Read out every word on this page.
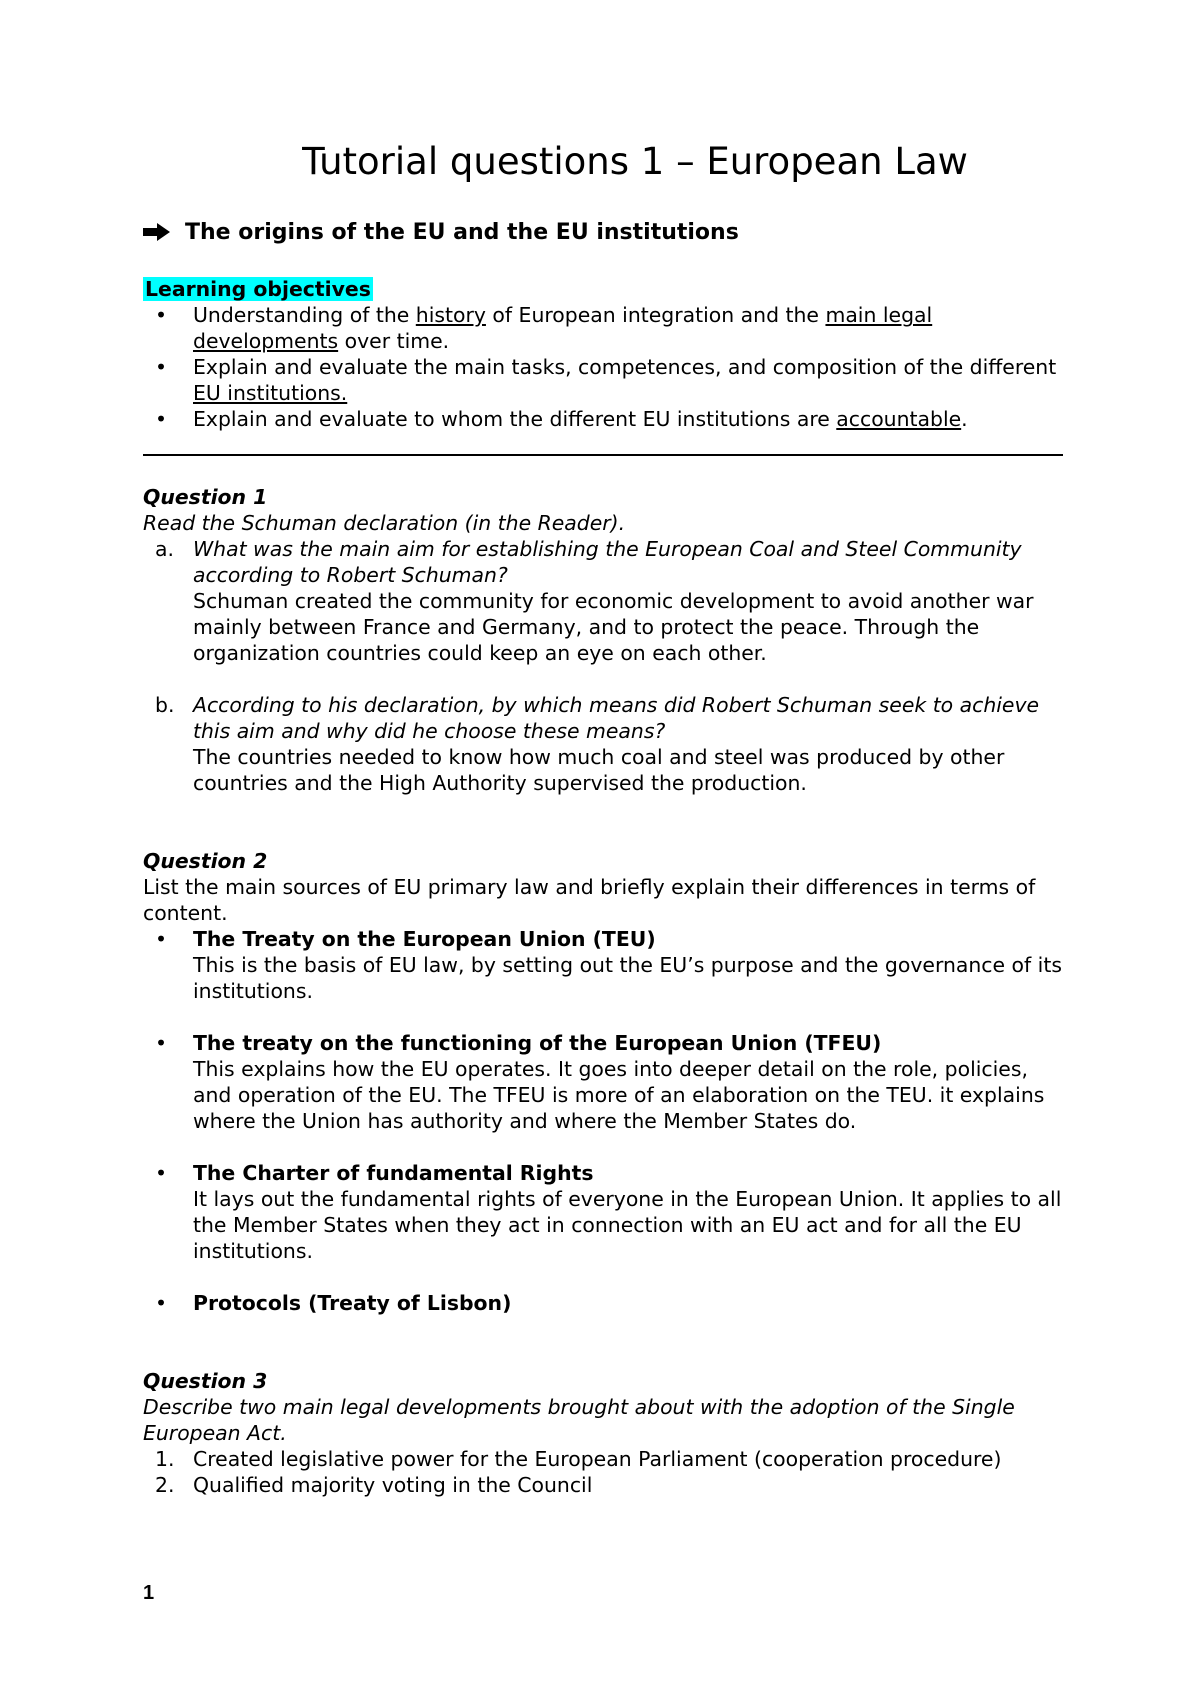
Tutorial questions 1 – European Law
The origins of the EU and the EU institutions
Learning objectives
• Understanding of the history of European integration and the main legal developments over time.
• Explain and evaluate the main tasks, competences, and composition of the different EU institutions.
• Explain and evaluate to whom the different EU institutions are accountable.
Question 1
Read the Schuman declaration (in the Reader).
a. What was the main aim for establishing the European Coal and Steel Community according to Robert Schuman?
Schuman created the community for economic development to avoid another war mainly between France and Germany, and to protect the peace. Through the organization countries could keep an eye on each other.
b. According to his declaration, by which means did Robert Schuman seek to achieve this aim and why did he choose these means?
The countries needed to know how much coal and steel was produced by other countries and the High Authority supervised the production.
Question 2
List the main sources of EU primary law and briefly explain their differences in terms of content.
• The Treaty on the European Union (TEU)
This is the basis of EU law, by setting out the EU’s purpose and the governance of its institutions.
• The treaty on the functioning of the European Union (TFEU)
This explains how the EU operates. It goes into deeper detail on the role, policies, and operation of the EU. The TFEU is more of an elaboration on the TEU. it explains where the Union has authority and where the Member States do.
• The Charter of fundamental Rights
It lays out the fundamental rights of everyone in the European Union. It applies to all the Member States when they act in connection with an EU act and for all the EU institutions.
• Protocols (Treaty of Lisbon)
Question 3
Describe two main legal developments brought about with the adoption of the Single European Act.
1. Created legislative power for the European Parliament (cooperation procedure)
2. Qualified majority voting in the Council
1
